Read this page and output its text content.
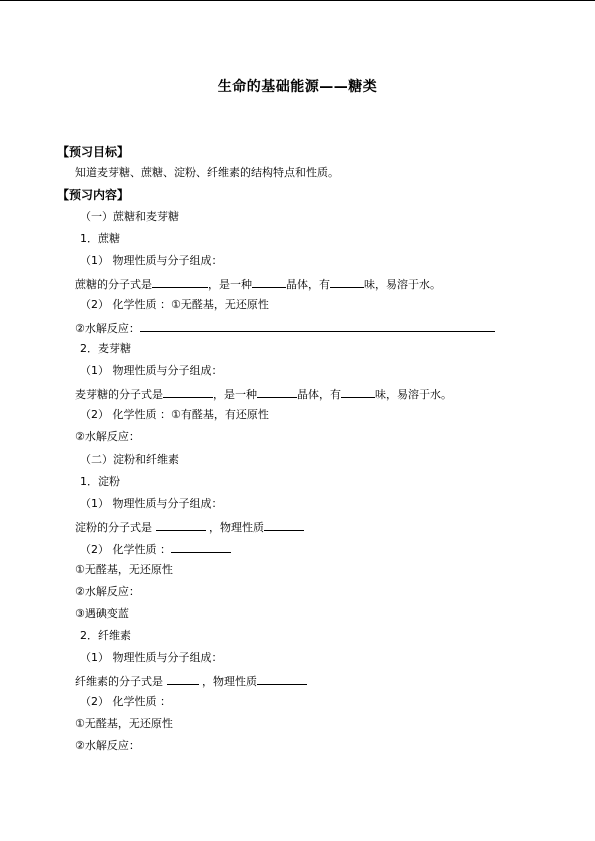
生命的基础能源——糖类
【预习目标】
知道麦芽糖、蔗糖、淀粉、纤维素的结构特点和性质。
【预习内容】
（一）蔗糖和麦芽糖
1．蔗糖
（1） 物理性质与分子组成：
蔗糖的分子式是	，是一种	晶体，有	味，易溶于水。
（2） 化学性质 ：①无醛基，无还原性
②水解反应：
2．麦芽糖
（1） 物理性质与分子组成：
麦芽糖的分子式是	，是一种	晶体，有	味，易溶于水。
（2） 化学性质 ：①有醛基，有还原性
②水解反应：
（二）淀粉和纤维素
1．淀粉
（1） 物理性质与分子组成：
淀粉的分子式是	，物理性质
（2） 化学性质 ：
①无醛基，无还原性
②水解反应：
③遇碘变蓝
2．纤维素
（1） 物理性质与分子组成：
纤维素的分子式是	，物理性质
（2） 化学性质 ：
①无醛基，无还原性
②水解反应：
